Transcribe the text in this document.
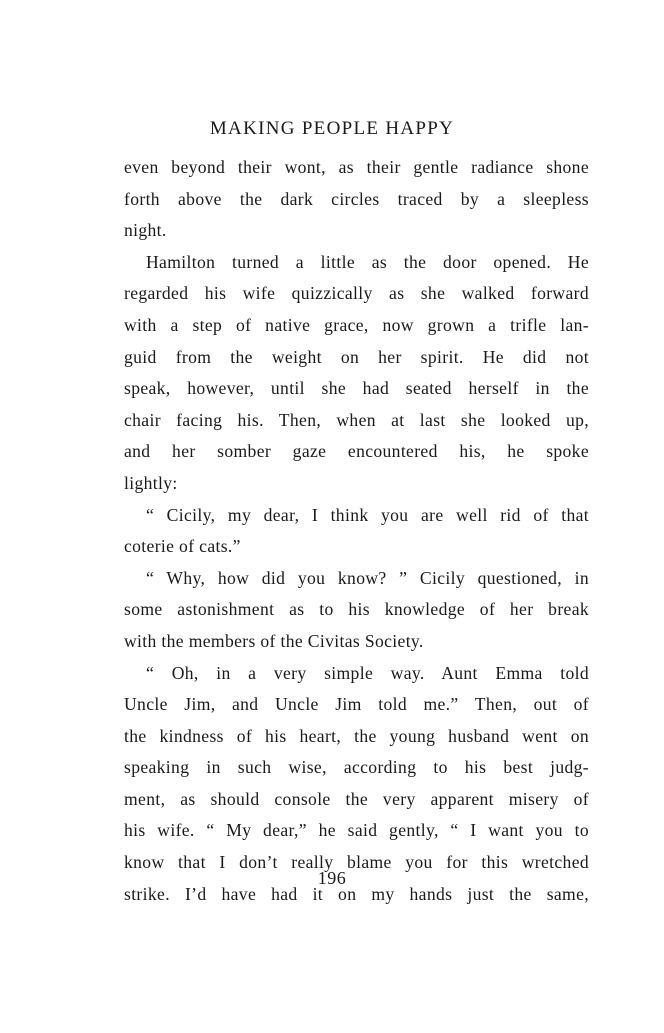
MAKING PEOPLE HAPPY
even beyond their wont, as their gentle radiance shone
forth above the dark circles traced by a sleepless
night.
Hamilton turned a little as the door opened. He
regarded his wife quizzically as she walked forward
with a step of native grace, now grown a trifle lan-
guid from the weight on her spirit. He did not
speak, however, until she had seated herself in the
chair facing his. Then, when at last she looked up,
and her somber gaze encountered his, he spoke
lightly:
“ Cicily, my dear, I think you are well rid of that
coterie of cats.”
“ Why, how did you know? ” Cicily questioned, in
some astonishment as to his knowledge of her break
with the members of the Civitas Society.
“ Oh, in a very simple way. Aunt Emma told
Uncle Jim, and Uncle Jim told me.” Then, out of
the kindness of his heart, the young husband went on
speaking in such wise, according to his best judg-
ment, as should console the very apparent misery of
his wife. “ My dear,” he said gently, “ I want you to
know that I don’t really blame you for this wretched
strike. I’d have had it on my hands just the same,
196
